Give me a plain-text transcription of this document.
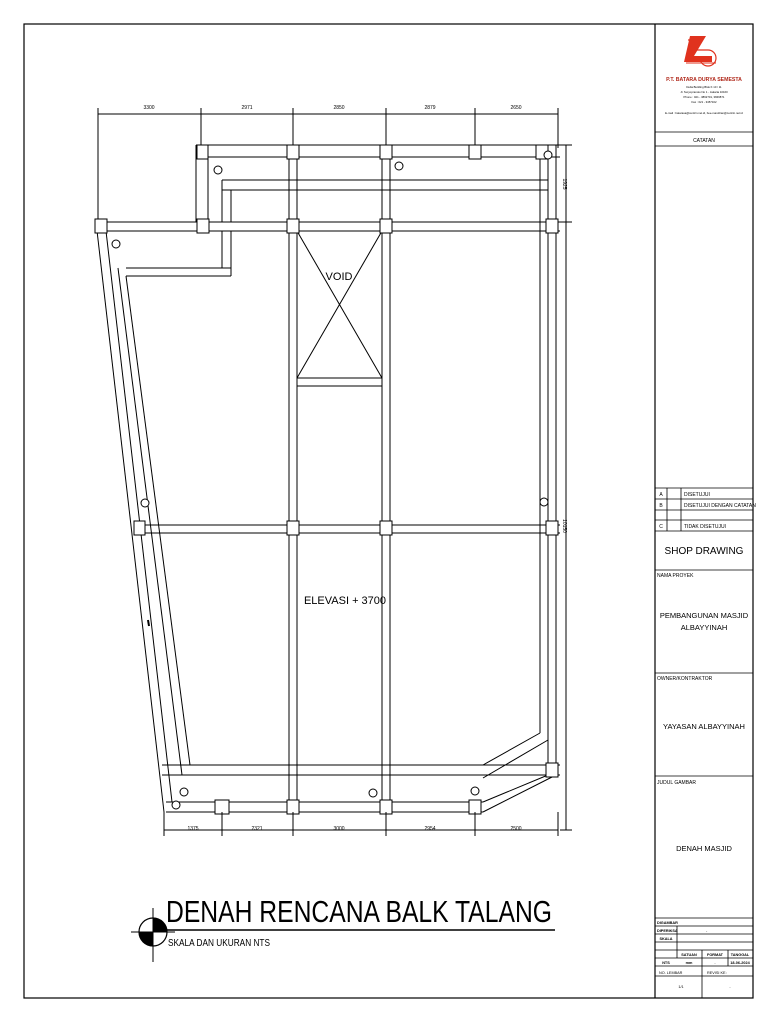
3300	2971	2850	2879	2650
1375	2321	3000	2954	2500
1925
10150
VOID
ELEVASI + 3700
DENAH RENCANA BALK TALANG
SKALA DAN UKURAN NTS
P.T. BATARA DURYA SEMESTA
Delta Building Blok K 10 / 11
Jl. Suryopranoto No 1 - Jakarta 10160
Phone : 021 - 3862701, 3846871
Fax : 021 - 3457162
E-mail : batarasa@centrin.net.id, bee-mandiran@centrin.net.id
CATATAN
A	DISETUJUI
B	DISETUJUI DENGAN CATATAN
C	TIDAK DISETUJUI
SHOP DRAWING
NAMA PROYEK
PEMBANGUNAN MASJID
ALBAYYINAH
OWNER/KONTRAKTOR
YAYASAN ALBAYYINAH
JUDUL GAMBAR
DENAH MASJID
DIGAMBAR
DIPERIKSA	-
SKALA
SATUAN	FORMAT TANGGAL
NTS	mm	-	18-06-2024
NO. LEMBAR	REVISI KE:
1/1	-
